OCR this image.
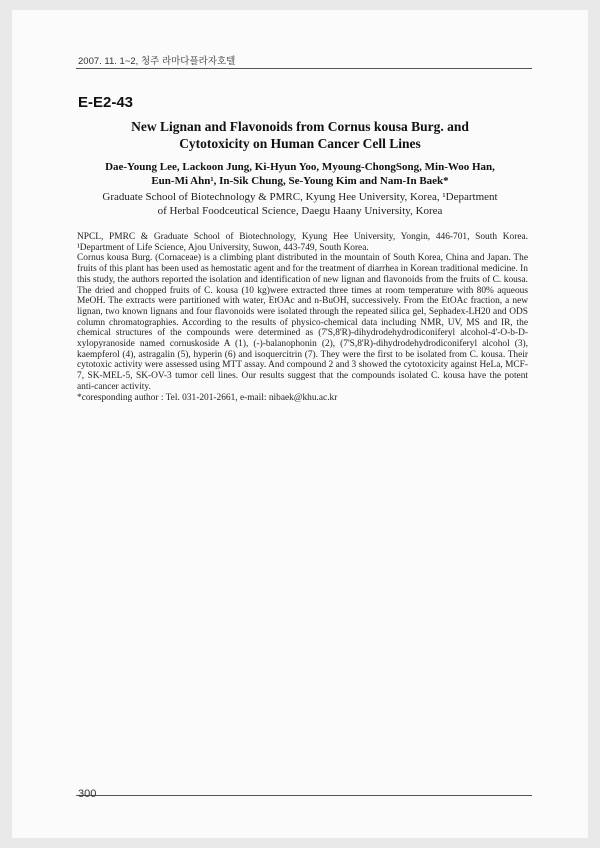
2007. 11. 1~2, 청주 라마다플라자호텔
E-E2-43

New Lignan and Flavonoids from Cornus kousa Burg. and

Cytotoxicity on Human Cancer Cell Lines

Dae-Young Lee, Lackoon Jung, Ki-Hyun Yoo, Myoung-ChongSong, Min-Woo Han,

Eun-Mi Ahn¹, In-Sik Chung, Se-Young Kim and Nam-In Baek*

Graduate School of Biotechnology & PMRC, Kyung Hee University, Korea, ¹Department

of Herbal Foodceutical Science, Daegu Haany University, Korea

NPCL, PMRC & Graduate School of Biotechnology, Kyung Hee University, Yongin, 446-701, South Korea. ¹Department of Life Science, Ajou University, Suwon, 443-749, South Korea.

Cornus kousa Burg. (Cornaceae) is a climbing plant distributed in the mountain of South Korea, China and Japan. The fruits of this plant has been used as hemostatic agent and for the treatment of diarrhea in Korean traditional medicine. In this study, the authors reported the isolation and identification of new lignan and flavonoids from the fruits of C. kousa. The dried and chopped fruits of C. kousa (10 kg)were extracted three times at room temperature with 80% aqueous MeOH. The extracts were partitioned with water, EtOAc and n-BuOH, successively. From the EtOAc fraction, a new lignan, two known lignans and four flavonoids were isolated through the repeated silica gel, Sephadex-LH20 and ODS column chromatographies. According to the results of physico-chemical data including NMR, UV, MS and IR, the chemical structures of the compounds were determined as (7'S,8'R)-dihydrodehydrodiconiferyl alcohol-4'-O-b-D-xylopyranoside named cornuskoside A (1), (-)-balanophonin (2), (7'S,8'R)-dihydrodehydrodiconiferyl alcohol (3), kaempferol (4), astragalin (5), hyperin (6) and isoquercitrin (7). They were the first to be isolated from C. kousa. Their cytotoxic activity were assessed using MTT assay. And compound 2 and 3 showed the cytotoxicity against HeLa, MCF-7, SK-MEL-5, SK-OV-3 tumor cell lines. Our results suggest that the compounds isolated C. kousa have the potent anti-cancer activity.

*coresponding author : Tel. 031-201-2661, e-mail: nibaek@khu.ac.kr

300
